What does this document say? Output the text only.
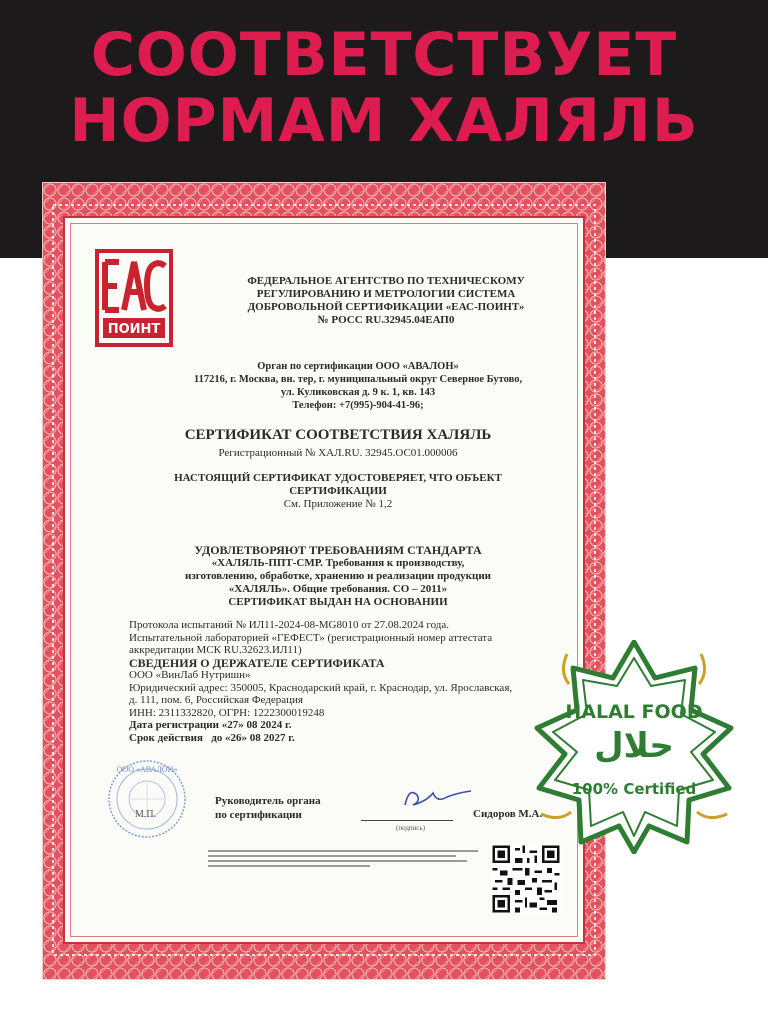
СООТВЕТСТВУЕТ
НОРМАМ ХАЛЯЛЬ
ПОИНТ
ФЕДЕРАЛЬНОЕ АГЕНТСТВО ПО ТЕХНИЧЕСКОМУ
РЕГУЛИРОВАНИЮ И МЕТРОЛОГИИ СИСТЕМА
ДОБРОВОЛЬНОЙ СЕРТИФИКАЦИИ «ЕАС-ПОИНТ»
№ РОСС RU.32945.04ЕАП0
Орган по сертификации ООО «АВАЛОН»
117216, г. Москва, вн. тер, г. муниципальный округ Северное Бутово,
ул. Куликовская д. 9 к. 1, кв. 143
Телефон: +7(995)-904-41-96;
СЕРТИФИКАТ СООТВЕТСТВИЯ ХАЛЯЛЬ
Регистрационный № ХАЛ.RU. 32945.ОС01.000006
НАСТОЯЩИЙ СЕРТИФИКАТ УДОСТОВЕРЯЕТ, ЧТО ОБЪЕКТ
СЕРТИФИКАЦИИ
См. Приложение № 1,2
УДОВЛЕТВОРЯЮТ ТРЕБОВАНИЯМ СТАНДАРТА
«ХАЛЯЛЬ-ППТ-СМР. Требования к производству,
изготовлению, обработке, хранению и реализации продукции
«ХАЛЯЛЬ». Общие требования. СО – 2011»
СЕРТИФИКАТ ВЫДАН НА ОСНОВАНИИ
Протокола испытаний № ИЛ11-2024-08-MG8010 от 27.08.2024 года.
Испытательной лабораторией «ГЕФЕСТ» (регистрационный номер аттестата
аккредитации МСК RU.32623.ИЛ11)
СВЕДЕНИЯ О ДЕРЖАТЕЛЕ СЕРТИФИКАТА
ООО «ВинЛаб Нутришн»
Юридический адрес: 350005, Краснодарский край, г. Краснодар, ул. Ярославская,
д. 111, пом. 6, Российская Федерация
ИНН: 2311332820, ОГРН: 1222300019248
Дата регистрации «27» 08 2024 г.
Срок действия   до «26» 08 2027 г.
ООО «АВАЛОН»
М.П.
Руководитель органа
по сертификации
(подпись)
Сидоров М.А.
HALAL FOOD
حلال
100% Certified
